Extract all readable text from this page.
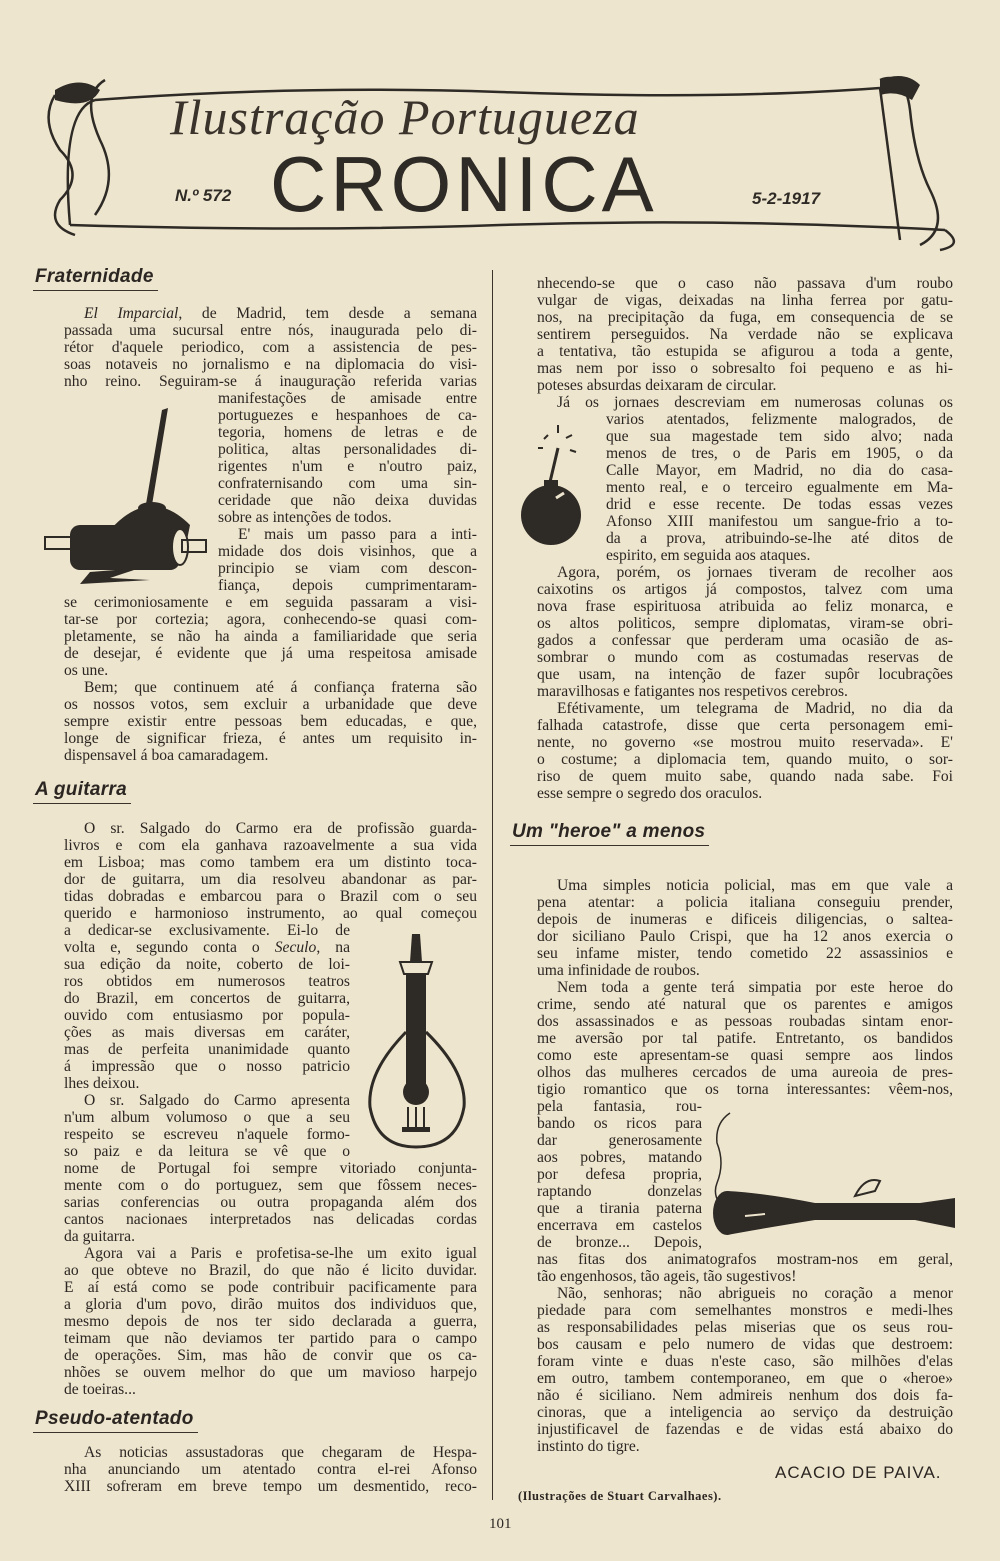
Ilustração Portugueza
CRONICA
N.º 572	5-2-1917
Fraternidade
A guitarra
Pseudo-atentado
Um "heroe" a menos
El Imparcial, de Madrid, tem desde a semana
passada uma sucursal entre nós, inaugurada pelo di-
rétor d'aquele periodico, com a assistencia de pes-
soas notaveis no jornalismo e na diplomacia do visi-
nho reino. Seguiram-se á inauguração referida varias
manifestações de amisade entre
portuguezes e hespanhoes de ca-
tegoria, homens de letras e de
politica, altas personalidades di-
rigentes n'um e n'outro paiz,
confraternisando com uma sin-
ceridade que não deixa duvidas
sobre as intenções de todos.
E' mais um passo para a inti-
midade dos dois visinhos, que a
principio se viam com descon-
fiança, depois cumprimentaram-
se cerimoniosamente e em seguida passaram a visi-
tar-se por cortezia; agora, conhecendo-se quasi com-
pletamente, se não ha ainda a familiaridade que seria
de desejar, é evidente que já uma respeitosa amisade
os une.
Bem; que continuem até á confiança fraterna são
os nossos votos, sem excluir a urbanidade que deve
sempre existir entre pessoas bem educadas, e que,
longe de significar frieza, é antes um requisito in-
dispensavel á boa camaradagem.
O sr. Salgado do Carmo era de profissão guarda-
livros e com ela ganhava razoavelmente a sua vida
em Lisboa; mas como tambem era um distinto toca-
dor de guitarra, um dia resolveu abandonar as par-
tidas dobradas e embarcou para o Brazil com o seu
querido e harmonioso instrumento, ao qual começou
a dedicar-se exclusivamente. Ei-lo de
volta e, segundo conta o Seculo, na
sua edição da noite, coberto de loi-
ros obtidos em numerosos teatros
do Brazil, em concertos de guitarra,
ouvido com entusiasmo por popula-
ções as mais diversas em caráter,
mas de perfeita unanimidade quanto
á impressão que o nosso patricio
lhes deixou.
O sr. Salgado do Carmo apresenta
n'um album volumoso o que a seu
respeito se escreveu n'aquele formo-
so paiz e da leitura se vê que o
nome de Portugal foi sempre vitoriado conjunta-
mente com o do portuguez, sem que fôssem neces-
sarias conferencias ou outra propaganda além dos
cantos nacionaes interpretados nas delicadas cordas
da guitarra.
Agora vai a Paris e profetisa-se-lhe um exito igual
ao que obteve no Brazil, do que não é licito duvidar.
E aí está como se pode contribuir pacificamente para
a gloria d'um povo, dirão muitos dos individuos que,
mesmo depois de nos ter sido declarada a guerra,
teimam que não deviamos ter partido para o campo
de operações. Sim, mas hão de convir que os ca-
nhões se ouvem melhor do que um mavioso harpejo
de toeiras...
As noticias assustadoras que chegaram de Hespa-
nha anunciando um atentado contra el-rei Afonso
XIII sofreram em breve tempo um desmentido, reco-
nhecendo-se que o caso não passava d'um roubo
vulgar de vigas, deixadas na linha ferrea por gatu-
nos, na precipitação da fuga, em consequencia de se
sentirem perseguidos. Na verdade não se explicava
a tentativa, tão estupida se afigurou a toda a gente,
mas nem por isso o sobresalto foi pequeno e as hi-
poteses absurdas deixaram de circular.
Já os jornaes descreviam em numerosas colunas os
varios atentados, felizmente malogrados, de
que sua magestade tem sido alvo; nada
menos de tres, o de Paris em 1905, o da
Calle Mayor, em Madrid, no dia do casa-
mento real, e o terceiro egualmente em Ma-
drid e esse recente. De todas essas vezes
Afonso XIII manifestou um sangue-frio a to-
da a prova, atribuindo-se-lhe até ditos de
espirito, em seguida aos ataques.
Agora, porém, os jornaes tiveram de recolher aos
caixotins os artigos já compostos, talvez com uma
nova frase espirituosa atribuida ao feliz monarca, e
os altos politicos, sempre diplomatas, viram-se obri-
gados a confessar que perderam uma ocasião de as-
sombrar o mundo com as costumadas reservas de
que usam, na intenção de fazer supôr locubrações
maravilhosas e fatigantes nos respetivos cerebros.
Efétivamente, um telegrama de Madrid, no dia da
falhada catastrofe, disse que certa personagem emi-
nente, no governo «se mostrou muito reservada». E'
o costume; a diplomacia tem, quando muito, o sor-
riso de quem muito sabe, quando nada sabe. Foi
esse sempre o segredo dos oraculos.
Uma simples noticia policial, mas em que vale a
pena atentar: a policia italiana conseguiu prender,
depois de inumeras e dificeis diligencias, o saltea-
dor siciliano Paulo Crispi, que ha 12 anos exercia o
seu infame mister, tendo cometido 22 assassinios e
uma infinidade de roubos.
Nem toda a gente terá simpatia por este heroe do
crime, sendo até natural que os parentes e amigos
dos assassinados e as pessoas roubadas sintam enor-
me aversão por tal patife. Entretanto, os bandidos
como este apresentam-se quasi sempre aos lindos
olhos das mulheres cercados de uma aureoia de pres-
tigio romantico que os torna interessantes: vêem-nos,
pela fantasia, rou-
bando os ricos para
dar generosamente
aos pobres, matando
por defesa propria,
raptando donzelas
que a tirania paterna
encerrava em castelos
de bronze... Depois,
nas fitas dos animatografos mostram-nos em geral,
tão engenhosos, tão ageis, tão sugestivos!
Não, senhoras; não abrigueis no coração a menor
piedade para com semelhantes monstros e medi-lhes
as responsabilidades pelas miserias que os seus rou-
bos causam e pelo numero de vidas que destroem:
foram vinte e duas n'este caso, são milhões d'elas
em outro, tambem contemporaneo, em que o «heroe»
não é siciliano. Nem admireis nenhum dos dois fa-
cinoras, que a inteligencia ao serviço da destruição
injustificavel de fazendas e de vidas está abaixo do
instinto do tigre.
ACACIO DE PAIVA.
(Ilustrações de Stuart Carvalhaes).
101
